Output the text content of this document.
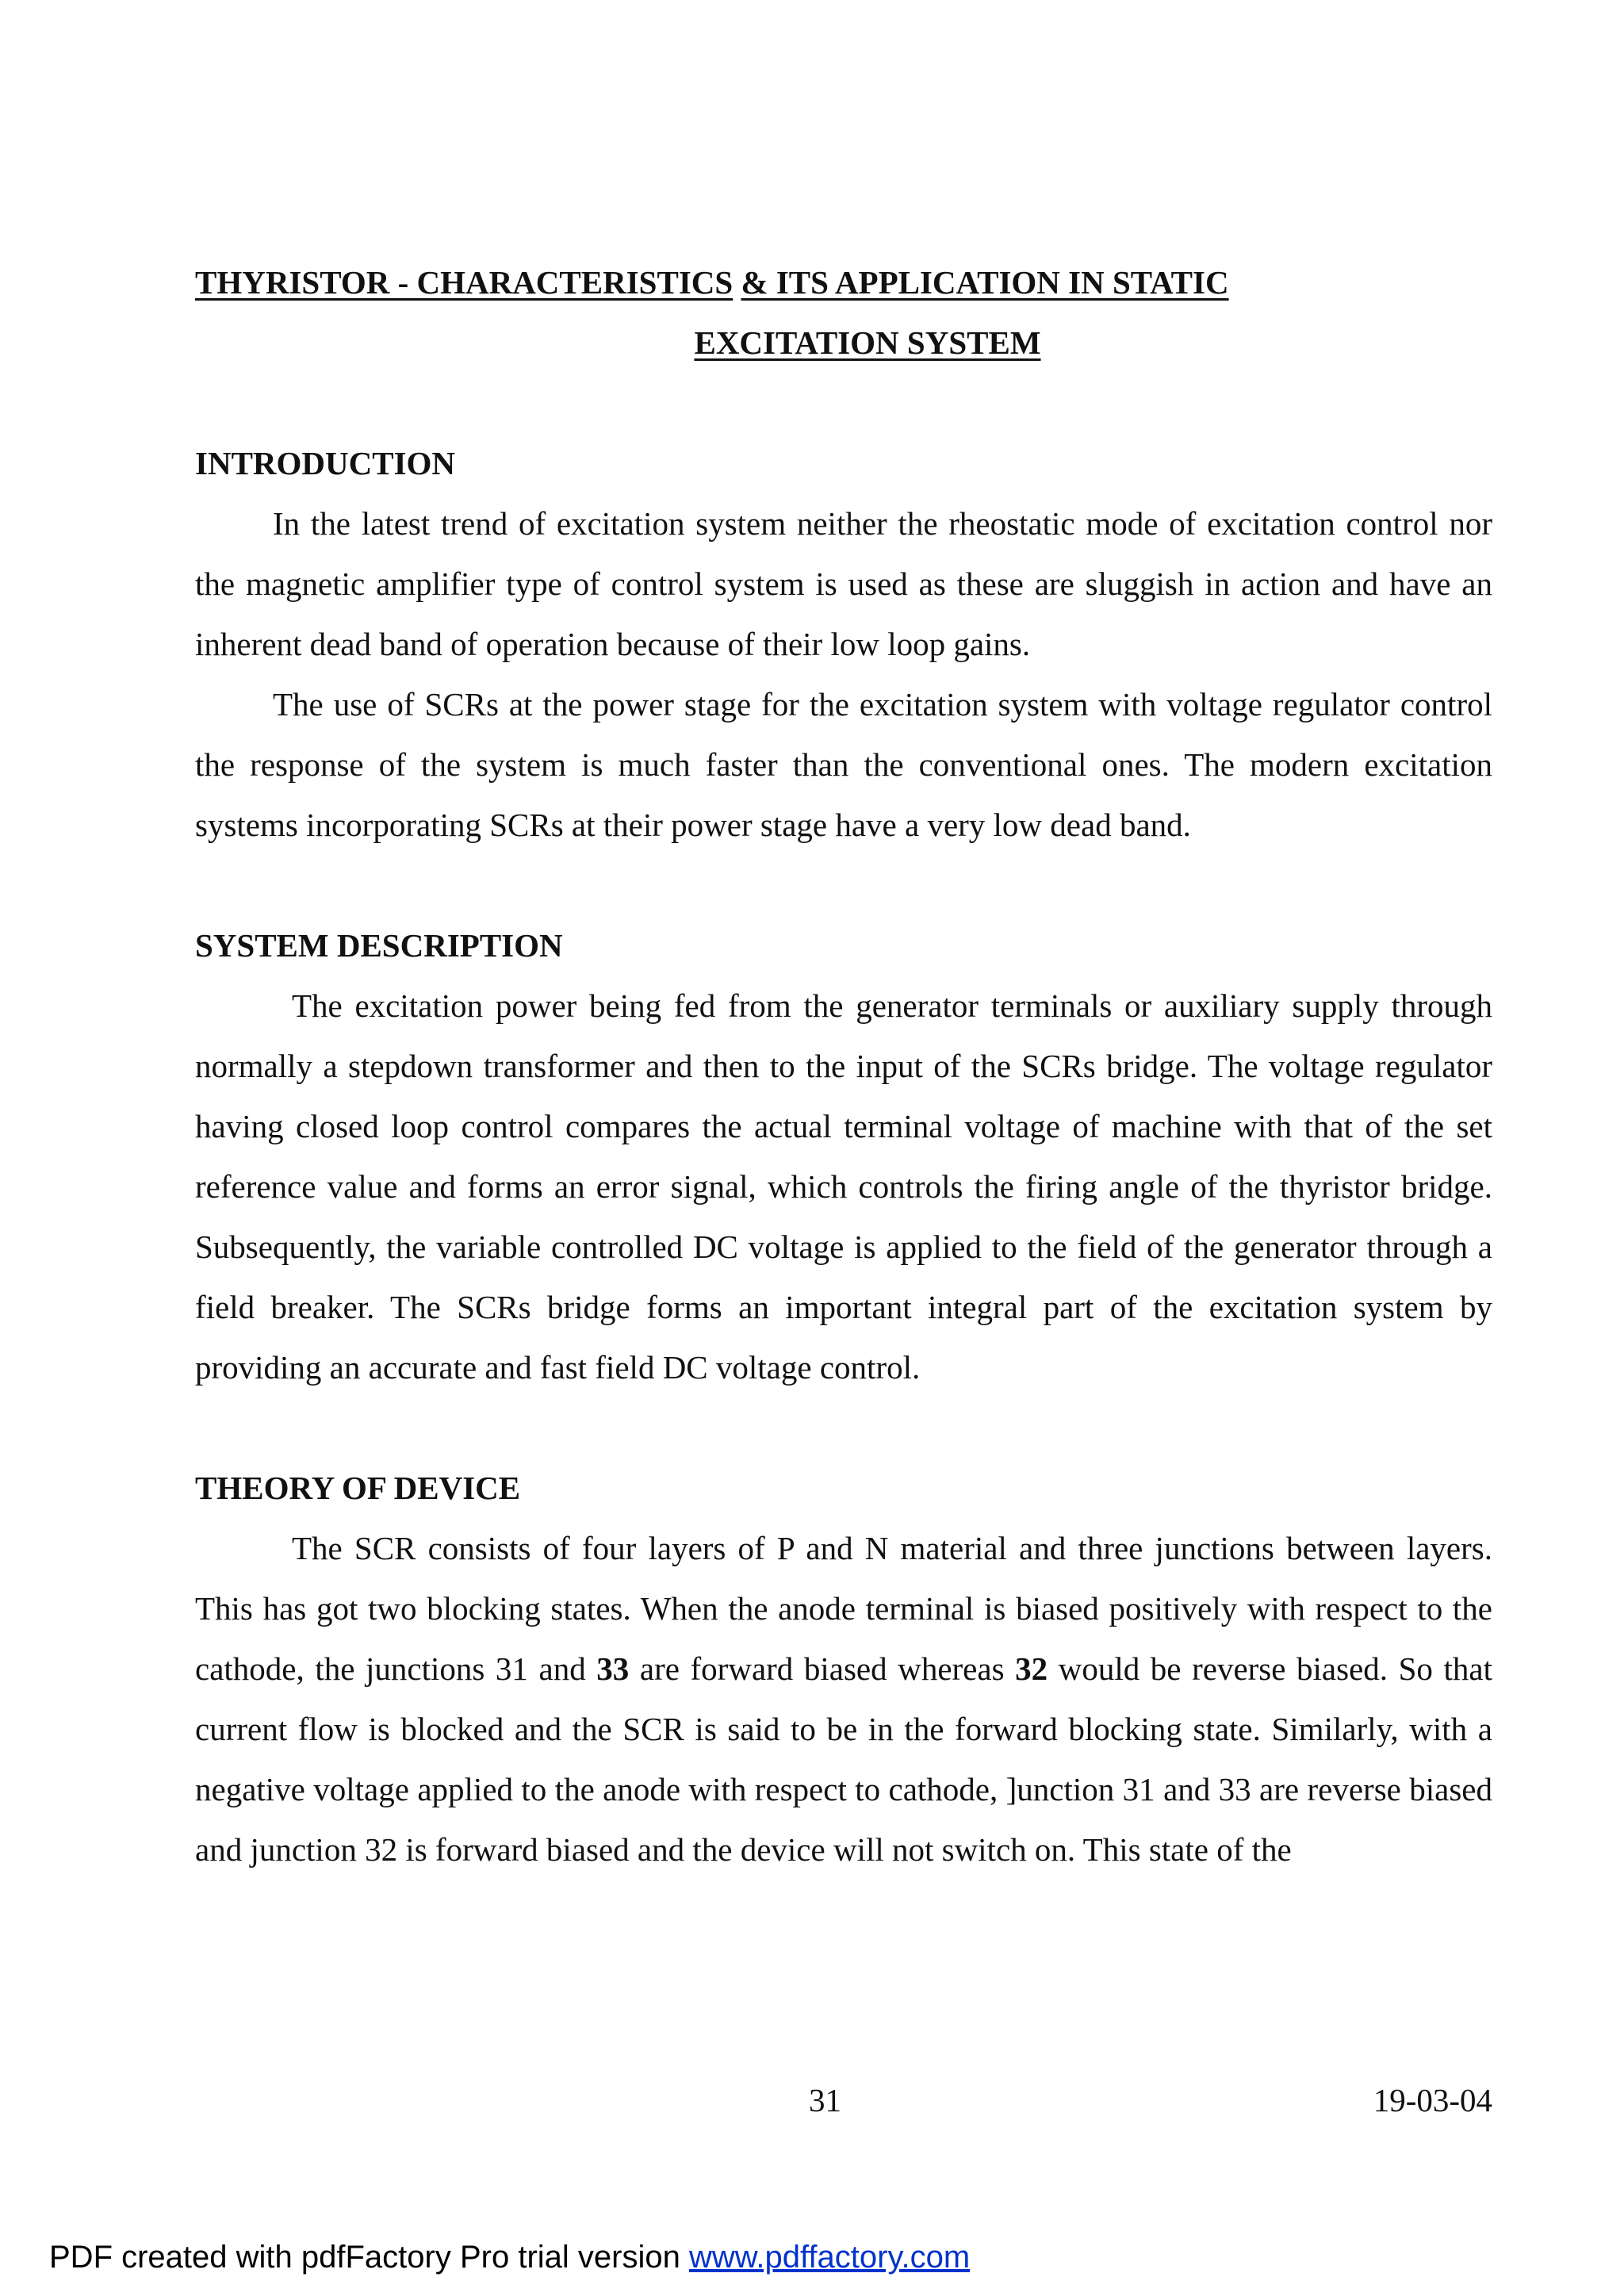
THYRISTOR - CHARACTERISTICS & ITS APPLICATION IN STATIC

EXCITATION SYSTEM
INTRODUCTION

In the latest trend of excitation system neither the rheostatic mode of excitation control nor the magnetic amplifier type of control system is used as these are sluggish in action and have an inherent dead band of operation because of their low loop gains.

The use of SCRs at the power stage for the excitation system with voltage regulator control the response of the system is much faster than the conventional ones. The modern excitation systems incorporating SCRs at their power stage have a very low dead band.

SYSTEM DESCRIPTION

The excitation power being fed from the generator terminals or auxiliary supply through normally a stepdown transformer and then to the input of the SCRs bridge. The voltage regulator having closed loop control compares the actual terminal voltage of machine with that of the set reference value and forms an error signal, which controls the firing angle of the thyristor bridge. Subsequently, the variable controlled DC voltage is applied to the field of the generator through a field breaker. The SCRs bridge forms an important integral part of the excitation system by providing an accurate and fast field DC voltage control.

THEORY OF DEVICE

The SCR consists of four layers of P and N material and three junctions between layers. This has got two blocking states. When the anode terminal is biased positively with respect to the cathode, the junctions 31 and 33 are forward biased whereas 32 would be reverse biased. So that current flow is blocked and the SCR is said to be in the forward blocking state. Similarly, with a negative voltage applied to the anode with respect to cathode, ]unction 31 and 33 are reverse biased and junction 32 is forward biased and the device will not switch on. This state of the

31	19-03-04
PDF created with pdfFactory Pro trial version www.pdffactory.com
